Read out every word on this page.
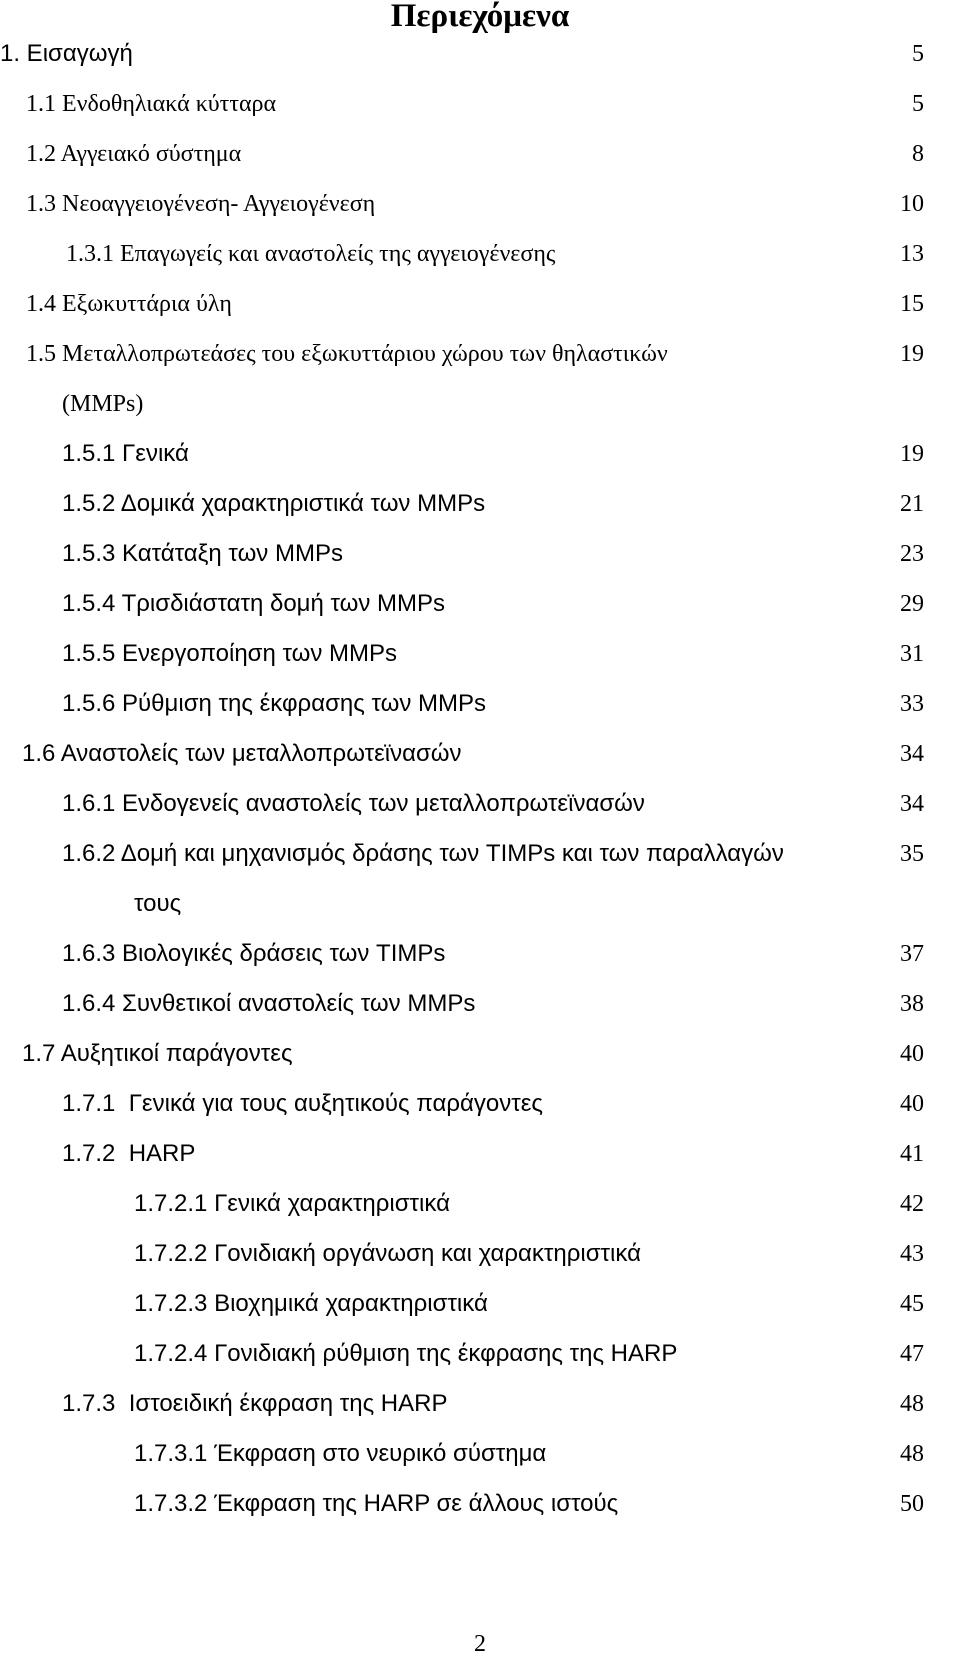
Περιεχόμενα
1. Εισαγωγή	5
1.1 Ενδοθηλιακά κύτταρα	5
1.2 Αγγειακό σύστημα	8
1.3 Νεοαγγειογένεση- Αγγειογένεση	10
1.3.1 Επαγωγείς και αναστολείς της αγγειογένεσης	13
1.4 Εξωκυττάρια ύλη	15
1.5 Μεταλλοπρωτεάσες του εξωκυττάριου χώρου των θηλαστικών	19
(MMPs)
1.5.1 Γενικά	19
1.5.2 Δομικά χαρακτηριστικά των MMPs	21
1.5.3 Κατάταξη των MMPs	23
1.5.4 Τρισδιάστατη δομή των MMPs	29
1.5.5 Ενεργοποίηση των MMPs	31
1.5.6 Ρύθμιση της έκφρασης των MMPs	33
1.6 Αναστολείς των μεταλλοπρωτεϊνασών	34
1.6.1 Ενδογενείς αναστολείς των μεταλλοπρωτεϊνασών	34
1.6.2 Δομή και μηχανισμός δράσης των TIMPs και των παραλλαγών	35
τους
1.6.3 Βιολογικές δράσεις των TIMPs	37
1.6.4 Συνθετικοί αναστολείς των MMPs	38
1.7 Αυξητικοί παράγοντες	40
1.7.1  Γενικά για τους αυξητικούς παράγοντες	40
1.7.2  HARP	41
1.7.2.1 Γενικά χαρακτηριστικά	42
1.7.2.2 Γονιδιακή οργάνωση και χαρακτηριστικά	43
1.7.2.3 Βιοχημικά χαρακτηριστικά	45
1.7.2.4 Γονιδιακή ρύθμιση της έκφρασης της HARP	47
1.7.3  Ιστοειδική έκφραση της HARP	48
1.7.3.1 Έκφραση στο νευρικό σύστημα	48
1.7.3.2 Έκφραση της HARP σε άλλους ιστούς	50
2
